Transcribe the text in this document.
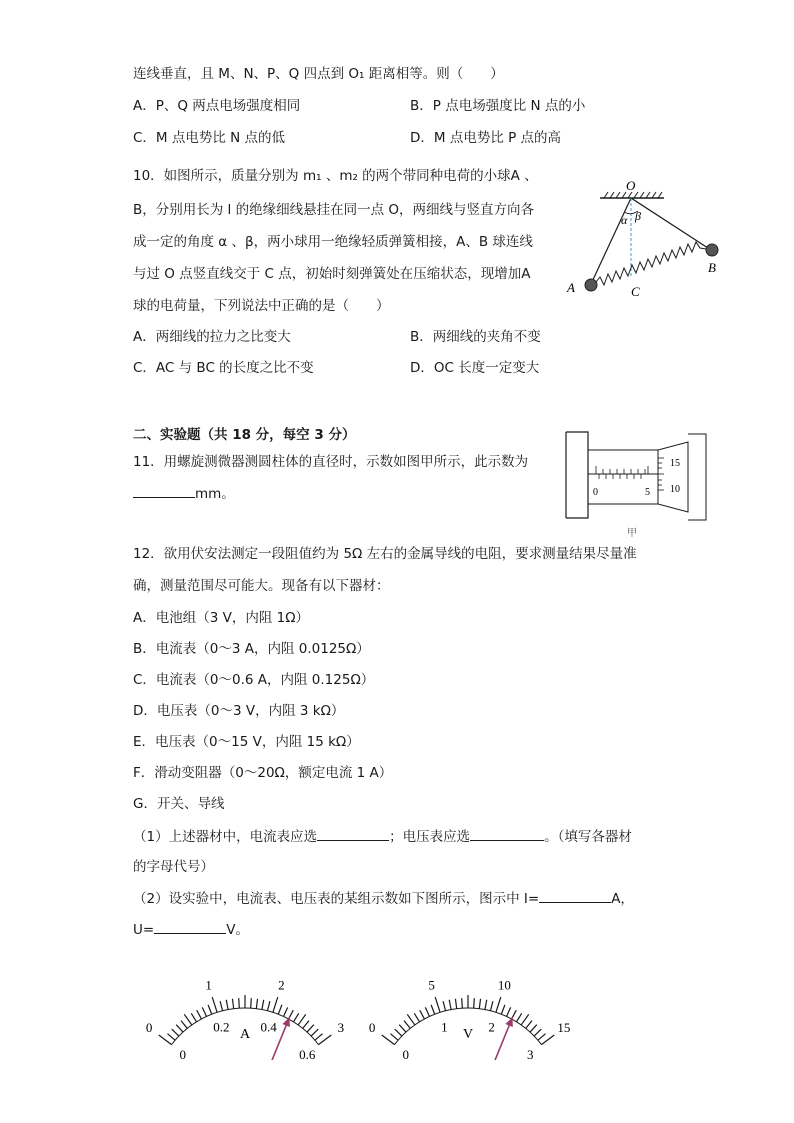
连线垂直，且 M、N、P、Q 四点到 O₁ 距离相等。则（　　）
A．P、Q 两点电场强度相同	B．P 点电场强度比 N 点的小
C．M 点电势比 N 点的低	D．M 点电势比 P 点的高
10．如图所示，质量分别为 m₁ 、m₂ 的两个带同种电荷的小球A 、
B，分别用长为 l 的绝缘细线悬挂在同一点 O，两细线与竖直方向各
成一定的角度 α 、β，两小球用一绝缘轻质弹簧相接，A、B 球连线
与过 O 点竖直线交于 C 点，初始时刻弹簧处在压缩状态，现增加A
球的电荷量，下列说法中正确的是（　　）
A．两细线的拉力之比变大	B．两细线的夹角不变
C．AC 与 BC 的长度之比不变	D．OC 长度一定变大
O
α β
A
B
C
二、实验题（共 18 分，每空 3 分）
11．用螺旋测微器测圆柱体的直径时，示数如图甲所示，此示数为
mm。	0	5
15
10
甲
12．欲用伏安法测定一段阻值约为 5Ω 左右的金属导线的电阻，要求测量结果尽量准
确，测量范围尽可能大。现备有以下器材：
A．电池组（3 V，内阻 1Ω）
B．电流表（0～3 A，内阻 0.0125Ω）
C．电流表（0～0.6 A，内阻 0.125Ω）
D．电压表（0～3 V，内阻 3 kΩ）
E．电压表（0～15 V，内阻 15 kΩ）
F．滑动变阻器（0～20Ω，额定电流 1 A）
G．开关、导线
（1）上述器材中，电流表应选	；电压表应选	。（填写各器材
的字母代号）
（2）设实验中，电流表、电压表的某组示数如下图所示，图示中 I=	A，
U=	V。
0
1	2
3
0
0.2 0.4
0.6
A	0
5	10
15
0
1	2
3
V
